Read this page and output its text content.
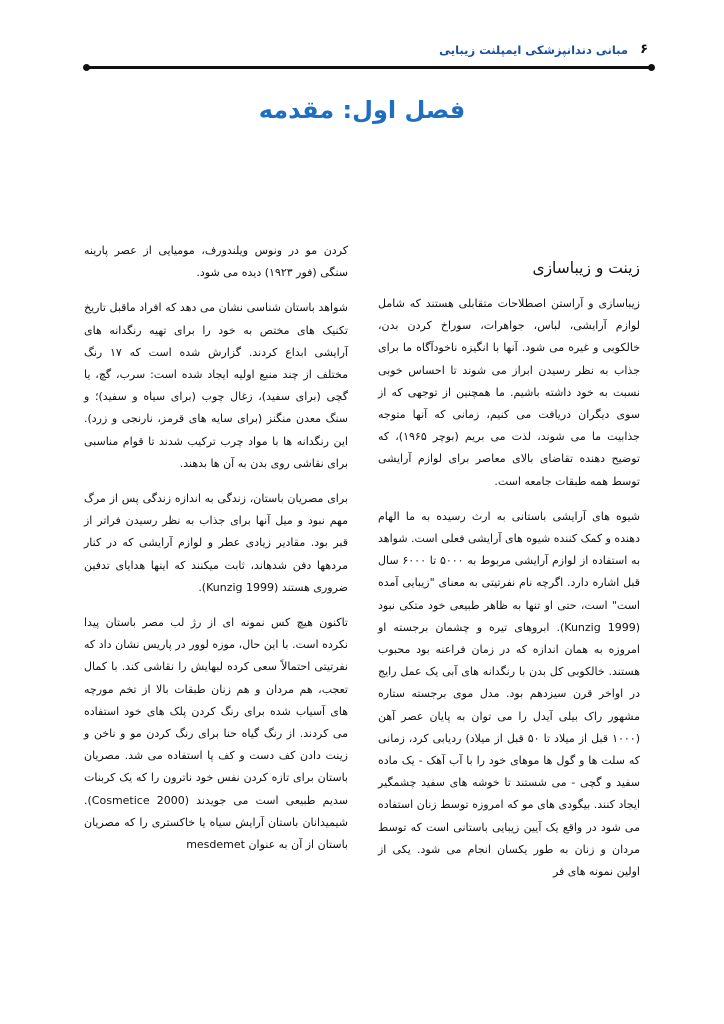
۶
مبانی دندانپزشکی ایمپلنت زیبایی
فصل اول: مقدمه
زینت و زیباسازی

زیباسازی و آراستن اصطلاحات متقابلی هستند که شامل لوازم آرایشی، لباس، جواهرات، سوراخ کردن بدن، خالکوبی و غیره می شود. آنها با انگیزه ناخودآگاه ما برای جذاب به نظر رسیدن ابراز می شوند تا احساس خوبی نسبت به خود داشته باشیم. ما همچنین از توجهی که از سوی دیگران دریافت می کنیم، زمانی که آنها متوجه جذابیت ما می شوند، لذت می بریم (بوچر ۱۹۶۵)، که توضیح دهنده تقاضای بالای معاصر برای لوازم آرایشی توسط همه طبقات جامعه است.

شیوه های آرایشی باستانی به ارث رسیده به ما الهام دهنده و کمک کننده شیوه های آرایشی فعلی است. شواهد به استفاده از لوازم آرایشی مربوط به ۵۰۰۰ تا ۶۰۰۰ سال قبل اشاره دارد. اگرچه نام نفرتیتی به معنای "زیبایی آمده است" است، حتی او تنها به ظاهر طبیعی خود متکی نبود (Kunzig 1999). ابروهای تیره و چشمان برجسته او امروزه به همان اندازه که در زمان فراعنه بود محبوب هستند. خالکوبی کل بدن با رنگدانه های آبی یک عمل رایج در اواخر قرن سیزدهم بود. مدل موی برجسته ستاره مشهور راک بیلی آیدل را می توان به پایان عصر آهن (۱۰۰۰ قبل از میلاد تا ۵۰ قبل از میلاد) ردیابی کرد، زمانی که سلت ها و گول ها موهای خود را با آب آهک - یک ماده سفید و گچی - می شستند تا خوشه های سفید چشمگیر ایجاد کنند. بیگودی های مو که امروزه توسط زنان استفاده می شود در واقع یک آیین زیبایی باستانی است که توسط مردان و زنان به طور یکسان انجام می شود. یکی از اولین نمونه های فر

کردن مو در ونوس ویلندورف، مومیایی از عصر پارینه سنگی (فور ۱۹۲۳) دیده می شود.

شواهد باستان شناسی نشان می دهد که افراد ماقبل تاریخ تکنیک های مختص به خود را برای تهیه رنگدانه های آرایشی ابداع کردند. گزارش شده است که ۱۷ رنگ مختلف از چند منبع اولیه ایجاد شده است: سرب، گچ، یا گچی (برای سفید)، زغال چوب (برای سیاه و سفید)؛ و سنگ معدن منگنز (برای سایه های قرمز، نارنجی و زرد). این رنگدانه ها با مواد چرب ترکیب شدند تا قوام مناسبی برای نقاشی روی بدن به آن ها بدهند.

برای مصریان باستان، زندگی به اندازه زندگی پس از مرگ مهم نبود و میل آنها برای جذاب به نظر رسیدن فراتر از قبر بود. مقادیر زیادی عطر و لوازم آرایشی که در کنار مردهها دفن شدهاند، ثابت میکنند که اینها هدایای تدفین ضروری هستند (Kunzig 1999).

تاکنون هیچ کس نمونه ای از رژ لب مصر باستان پیدا نکرده است. با این حال، موزه لوور در پاریس نشان داد که نفرتیتی احتمالاً سعی کرده لبهایش را نقاشی کند. با کمال تعجب، هم مردان و هم زنان طبقات بالا از تخم مورچه های آسیاب شده برای رنگ کردن پلک های خود استفاده می کردند. از رنگ گیاه حنا برای رنگ کردن مو و ناخن و زینت دادن کف دست و کف پا استفاده می شد. مصریان باستان برای تازه کردن نفس خود ناترون را که یک کربنات سدیم طبیعی است می جویدند (Cosmetice 2000). شیمیدانان باستان آرایش سیاه یا خاکستری را که مصریان باستان از آن به عنوان mesdemet
